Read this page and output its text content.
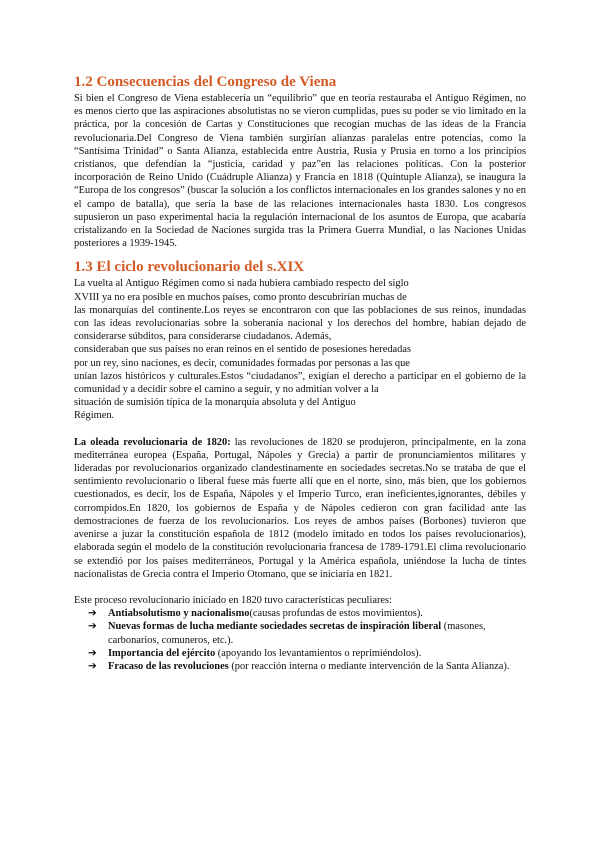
1.2 Consecuencias del Congreso de Viena

Si bien el Congreso de Viena establecería un “equilibrio” que en teoría restauraba el Antiguo Régimen, no es menos cierto que las aspiraciones absolutistas no se vieron cumplidas, pues su poder se vio limitado en la práctica, por la concesión de Cartas y Constituciones que recogían muchas de las ideas de la Francia revolucionaria.Del Congreso de Viena también surgirían alianzas paralelas entre potencias, como la “Santísima Trinidad” o Santa Alianza, establecida entre Austria, Rusia y Prusia en torno a los principios cristianos, que defendían la “justicia, caridad y paz”en las relaciones políticas. Con la posterior incorporación de Reino Unido (Cuádruple Alianza) y Francia en 1818 (Quíntuple Alianza), se inaugura la “Europa de los congresos” (buscar la solución a los conflictos internacionales en los grandes salones y no en el campo de batalla), que sería la base de las relaciones internacionales hasta 1830. Los congresos supusieron un paso experimental hacia la regulación internacional de los asuntos de Europa, que acabaría cristalizando en la Sociedad de Naciones surgida tras la Primera Guerra Mundial, o las Naciones Unidas posteriores a 1939-1945.

1.3 El ciclo revolucionario del s.XIX
La vuelta al Antiguo Régimen como si nada hubiera cambiado respecto del siglo
XVIII ya no era posible en muchos países, como pronto descubrirían muchas de
las monarquías del continente.Los reyes se encontraron con que las poblaciones de sus reinos, inundadas con las ideas revolucionarias sobre la soberanía nacional y los derechos del hombre, habían dejado de considerarse súbditos, para considerarse ciudadanos. Además,
consideraban que sus países no eran reinos en el sentido de posesiones heredadas
por un rey, sino naciones, es decir, comunidades formadas por personas a las que
unían lazos históricos y culturales.Estos “ciudadanos”, exigían el derecho a participar en el gobierno de la comunidad y a decidir sobre el camino a seguir, y no admitían volver a la
situación de sumisión típica de la monarquía absoluta y del Antiguo
Régimen.

La oleada revolucionaria de 1820: las revoluciones de 1820 se produjeron, principalmente, en la zona mediterránea europea (España, Portugal, Nápoles y Grecia) a partir de pronunciamientos militares y lideradas por revolucionarios organizado clandestinamente en sociedades secretas.No se trataba de que el sentimiento revolucionario o liberal fuese más fuerte allí que en el norte, sino, más bien, que los gobiernos cuestionados, es decir, los de España, Nápoles y el Imperio Turco, eran ineficientes,ignorantes, débiles y corrompidos.En 1820, los gobiernos de España y de Nápoles cedieron con gran facilidad ante las demostraciones de fuerza de los revolucionarios. Los reyes de ambos países (Borbones) tuvieron que avenirse a juzar la constitución española de 1812 (modelo imitado en todos los países revolucionarios), elaborada según el modelo de la constitución revolucionaria francesa de 1789-1791.El clima revolucionario se extendió por los países mediterráneos, Portugal y la América española, uniéndose la lucha de tintes nacionalistas de Grecia contra el Imperio Otomano, que se iniciaría en 1821.

Este proceso revolucionario iniciado en 1820 tuvo características peculiares:

➔ Antiabsolutismo y nacionalismo(causas profundas de estos movimientos).
➔ Nuevas formas de lucha mediante sociedades secretas de inspiración liberal (masones, carbonarios, comuneros, etc.).
➔ Importancia del ejército (apoyando los levantamientos o reprimiéndolos).
➔ Fracaso de las revoluciones (por reacción interna o mediante intervención de la Santa Alianza).
